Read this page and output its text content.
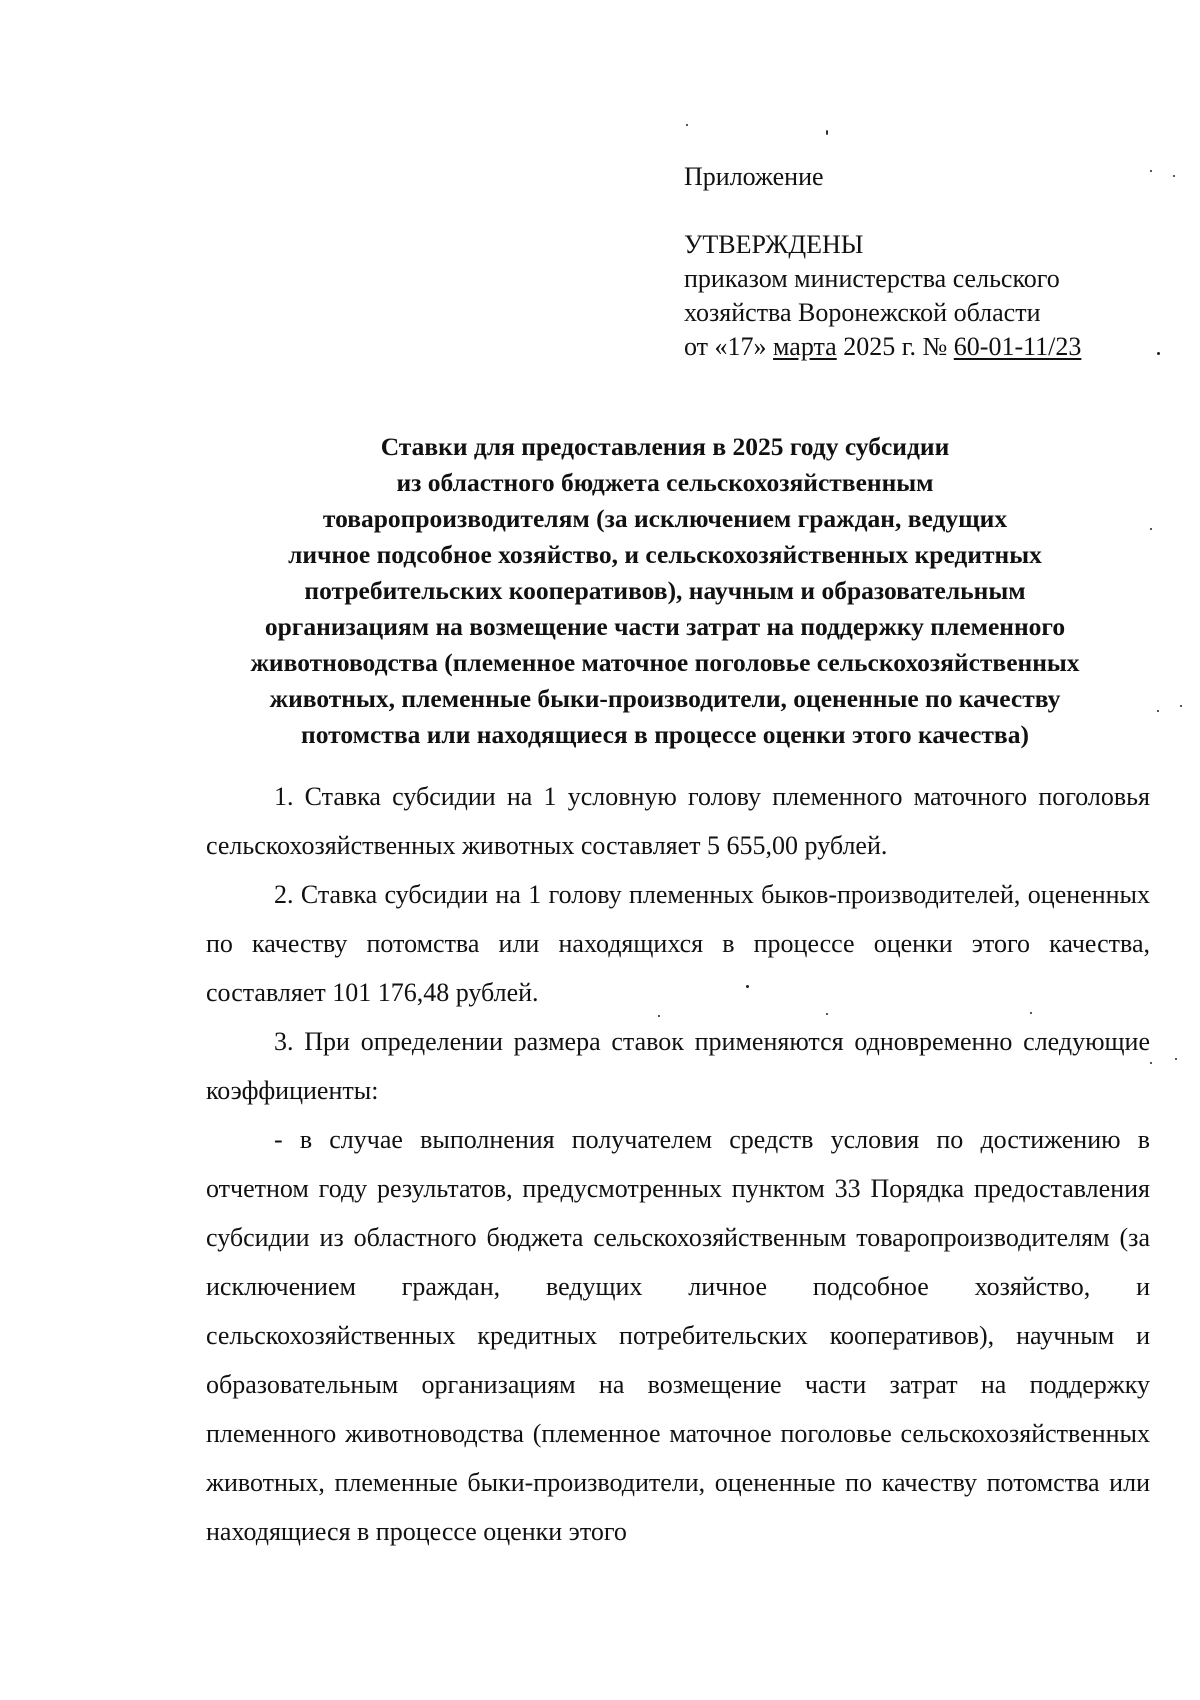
Приложение

УТВЕРЖДЕНЫ

приказом министерства сельского

хозяйства Воронежской области

от «17» марта 2025 г. № 60-01-11/23

Ставки для предоставления в 2025 году субсидии

из областного бюджета сельскохозяйственным

товаропроизводителям (за исключением граждан, ведущих

личное подсобное хозяйство, и сельскохозяйственных кредитных

потребительских кооперативов), научным и образовательным

организациям на возмещение части затрат на поддержку племенного

животноводства (племенное маточное поголовье сельскохозяйственных

животных, племенные быки-производители, оцененные по качеству

потомства или находящиеся в процессе оценки этого качества)

1. Ставка субсидии на 1 условную голову племенного маточного поголовья сельскохозяйственных животных составляет 5 655,00 рублей.

2. Ставка субсидии на 1 голову племенных быков-производителей, оцененных по качеству потомства или находящихся в процессе оценки этого качества, составляет 101 176,48 рублей.

3. При определении размера ставок применяются одновременно следующие коэффициенты:

- в случае выполнения получателем средств условия по достижению в отчетном году результатов, предусмотренных пунктом 33 Порядка предоставления субсидии из областного бюджета сельскохозяйственным товаропроизводителям (за исключением граждан, ведущих личное подсобное хозяйство, и сельскохозяйственных кредитных потребительских кооперативов), научным и образовательным организациям на возмещение части затрат на поддержку племенного животноводства (племенное маточное поголовье сельскохозяйственных животных, племенные быки-производители, оцененные по качеству потомства или находящиеся в процессе оценки этого
